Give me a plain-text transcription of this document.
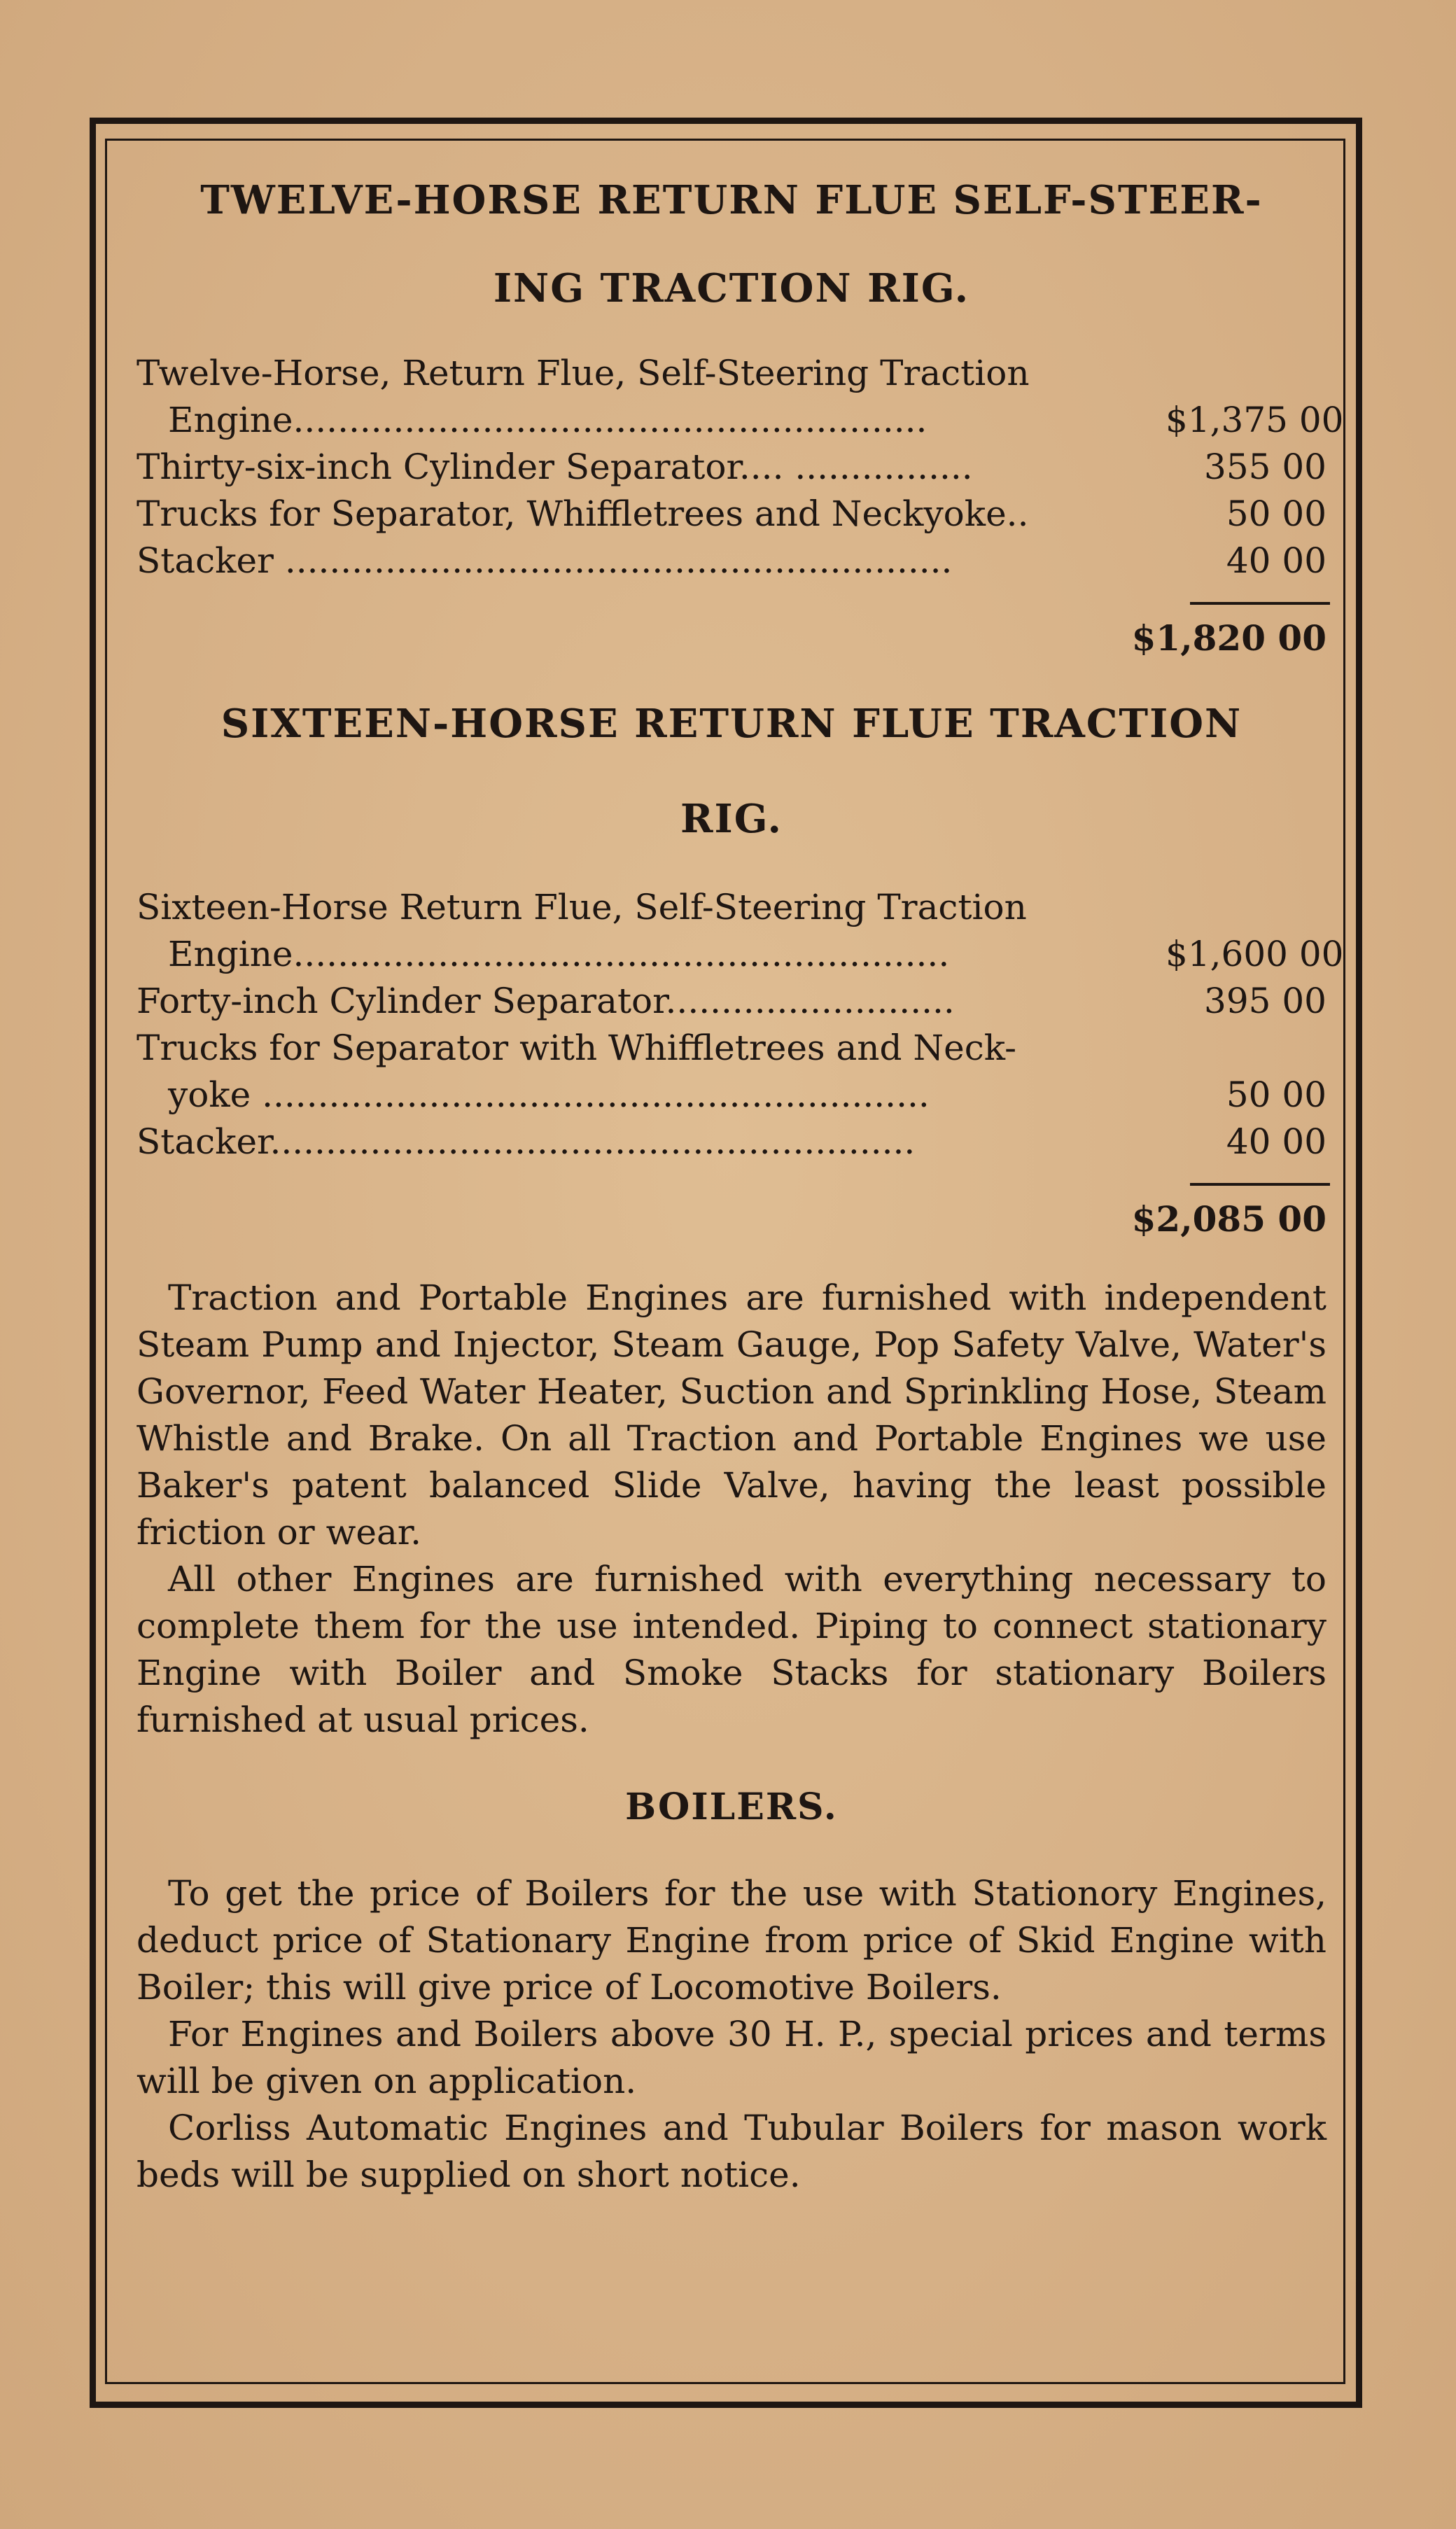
TWELVE-HORSE RETURN FLUE SELF-STEER-

ING TRACTION RIG.

Twelve-Horse, Return Flue, Self-Steering Traction
Engine.........................................................	$1,375 00
Thirty-six-inch Cylinder Separator.... ................	355 00
Trucks for Separator, Whiffletrees and Neckyoke..	50 00
Stacker ............................................................	40 00
$1,820 00

SIXTEEN-HORSE RETURN FLUE TRACTION

RIG.

Sixteen-Horse Return Flue, Self-Steering Traction
Engine...........................................................	$1,600 00
Forty-inch Cylinder Separator..........................	395 00
Trucks for Separator with Whiffletrees and Neck-
yoke ............................................................	50 00
Stacker..........................................................	40 00
$2,085 00

Traction and Portable Engines are furnished with independent Steam Pump and Injector, Steam Gauge, Pop Safety Valve, Water's Governor, Feed Water Heater, Suction and Sprinkling Hose, Steam Whistle and Brake. On all Traction and Portable Engines we use Baker's patent balanced Slide Valve, having the least possible friction or wear.

All other Engines are furnished with everything necessary to complete them for the use intended. Piping to connect stationary Engine with Boiler and Smoke Stacks for stationary Boilers furnished at usual prices.

BOILERS.

To get the price of Boilers for the use with Stationory Engines, deduct price of Stationary Engine from price of Skid Engine with Boiler; this will give price of Locomotive Boilers.

For Engines and Boilers above 30 H. P., special prices and terms will be given on application.

Corliss Automatic Engines and Tubular Boilers for mason work beds will be supplied on short notice.
